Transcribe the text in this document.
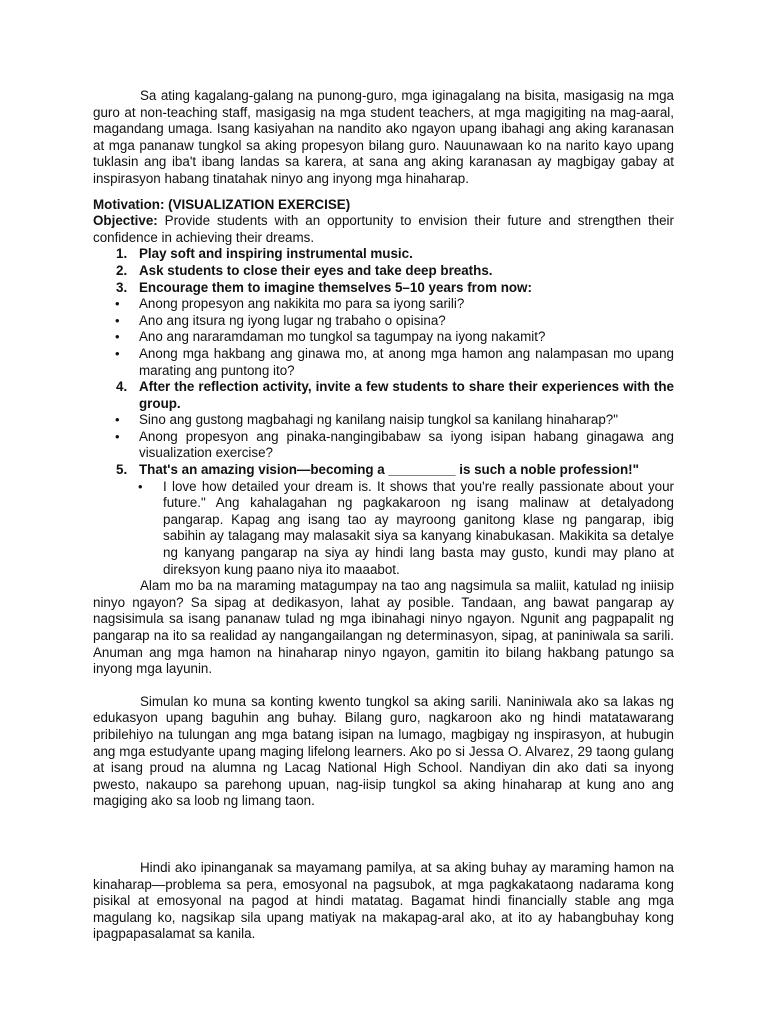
Sa ating kagalang-galang na punong-guro, mga iginagalang na bisita, masigasig na mga guro at non-teaching staff, masigasig na mga student teachers, at mga magigiting na mag-aaral, magandang umaga. Isang kasiyahan na nandito ako ngayon upang ibahagi ang aking karanasan at mga pananaw tungkol sa aking propesyon bilang guro. Nauunawaan ko na narito kayo upang tuklasin ang iba't ibang landas sa karera, at sana ang aking karanasan ay magbigay gabay at inspirasyon habang tinatahak ninyo ang inyong mga hinaharap.

Motivation: (VISUALIZATION EXERCISE)

Objective: Provide students with an opportunity to envision their future and strengthen their confidence in achieving their dreams.

1. Play soft and inspiring instrumental music.
2. Ask students to close their eyes and take deep breaths.
3. Encourage them to imagine themselves 5–10 years from now:
• Anong propesyon ang nakikita mo para sa iyong sarili?
• Ano ang itsura ng iyong lugar ng trabaho o opisina?
• Ano ang nararamdaman mo tungkol sa tagumpay na iyong nakamit?
• Anong mga hakbang ang ginawa mo, at anong mga hamon ang nalampasan mo upang marating ang puntong ito?
4. After the reflection activity, invite a few students to share their experiences with the group.
• Sino ang gustong magbahagi ng kanilang naisip tungkol sa kanilang hinaharap?"
• Anong propesyon ang pinaka-nangingibabaw sa iyong isipan habang ginagawa ang visualization exercise?
5. That's an amazing vision—becoming a _________ is such a noble profession!"
• I love how detailed your dream is. It shows that you're really passionate about your future." Ang kahalagahan ng pagkakaroon ng isang malinaw at detalyadong pangarap. Kapag ang isang tao ay mayroong ganitong klase ng pangarap, ibig sabihin ay talagang may malasakit siya sa kanyang kinabukasan. Makikita sa detalye ng kanyang pangarap na siya ay hindi lang basta may gusto, kundi may plano at direksyon kung paano niya ito maaabot.

Alam mo ba na maraming matagumpay na tao ang nagsimula sa maliit, katulad ng iniisip ninyo ngayon? Sa sipag at dedikasyon, lahat ay posible. Tandaan, ang bawat pangarap ay nagsisimula sa isang pananaw tulad ng mga ibinahagi ninyo ngayon. Ngunit ang pagpapalit ng pangarap na ito sa realidad ay nangangailangan ng determinasyon, sipag, at paniniwala sa sarili. Anuman ang mga hamon na hinaharap ninyo ngayon, gamitin ito bilang hakbang patungo sa inyong mga layunin.

Simulan ko muna sa konting kwento tungkol sa aking sarili. Naniniwala ako sa lakas ng edukasyon upang baguhin ang buhay. Bilang guro, nagkaroon ako ng hindi matatawarang pribilehiyo na tulungan ang mga batang isipan na lumago, magbigay ng inspirasyon, at hubugin ang mga estudyante upang maging lifelong learners. Ako po si Jessa O. Alvarez, 29 taong gulang at isang proud na alumna ng Lacag National High School. Nandiyan din ako dati sa inyong pwesto, nakaupo sa parehong upuan, nag-iisip tungkol sa aking hinaharap at kung ano ang magiging ako sa loob ng limang taon.

Hindi ako ipinanganak sa mayamang pamilya, at sa aking buhay ay maraming hamon na kinaharap—problema sa pera, emosyonal na pagsubok, at mga pagkakataong nadarama kong pisikal at emosyonal na pagod at hindi matatag. Bagamat hindi financially stable ang mga magulang ko, nagsikap sila upang matiyak na makapag-aral ako, at ito ay habangbuhay kong ipagpapasalamat sa kanila.
